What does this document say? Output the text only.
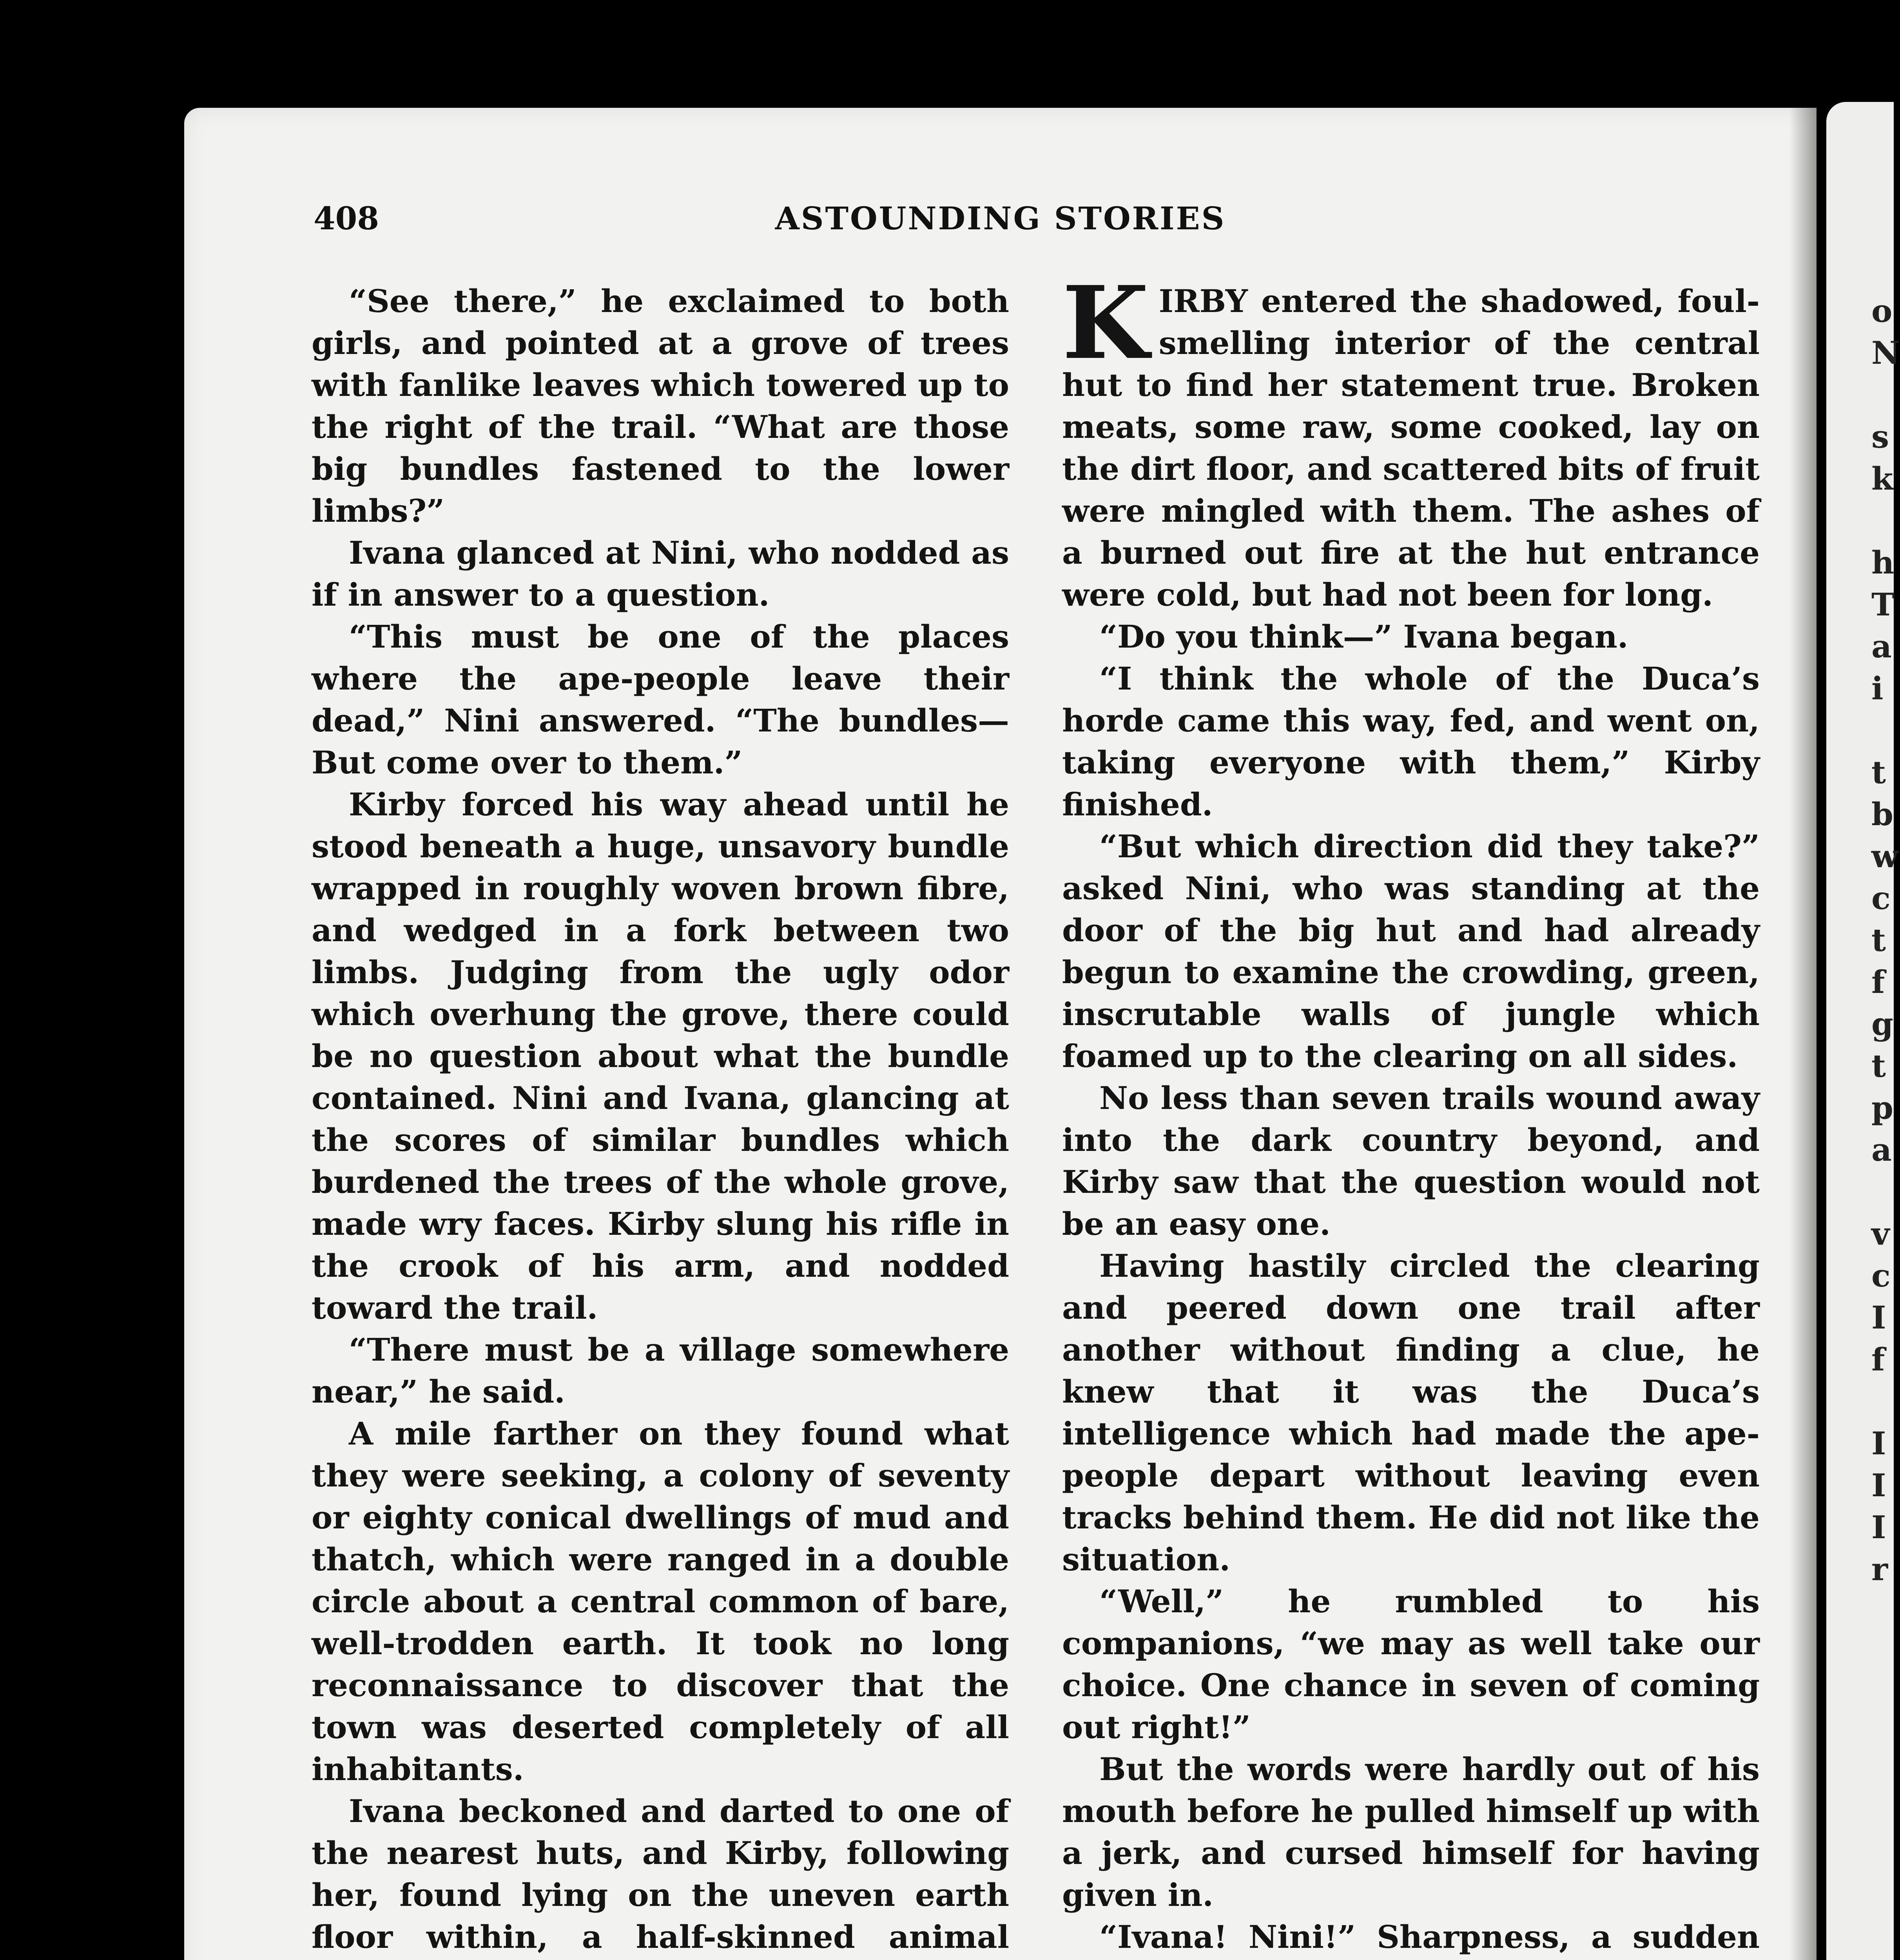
408	ASTOUNDING STORIES

“See there,” he exclaimed to both girls, and pointed at a grove of trees with fanlike leaves which towered up to the right of the trail. “What are those big bundles fastened to the lower limbs?”

Ivana glanced at Nini, who nodded as if in answer to a question.

“This must be one of the places where the ape-people leave their dead,” Nini answered. “The bundles— But come over to them.”

Kirby forced his way ahead until he stood beneath a huge, unsavory bundle wrapped in roughly woven brown fibre, and wedged in a fork between two limbs. Judging from the ugly odor which overhung the grove, there could be no question about what the bundle contained. Nini and Ivana, glancing at the scores of similar bundles which burdened the trees of the whole grove, made wry faces. Kirby slung his rifle in the crook of his arm, and nodded toward the trail.

“There must be a village somewhere near,” he said.

A mile farther on they found what they were seeking, a colony of seventy or eighty conical dwellings of mud and thatch, which were ranged in a double circle about a central common of bare, well-trodden earth. It took no long reconnaissance to discover that the town was deserted completely of all inhabitants.

Ivana beckoned and darted to one of the nearest huts, and Kirby, following her, found lying on the uneven earth floor within, a half-skinned animal

KIRBY entered the shadowed, foul-smelling interior of the central hut to find her statement true. Broken meats, some raw, some cooked, lay on the dirt floor, and scattered bits of fruit were mingled with them. The ashes of a burned out fire at the hut entrance were cold, but had not been for long.

“Do you think—” Ivana began.

“I think the whole of the Duca’s horde came this way, fed, and went on, taking everyone with them,” Kirby finished.

“But which direction did they take?” asked Nini, who was standing at the door of the big hut and had already begun to examine the crowding, green, inscrutable walls of jungle which foamed up to the clearing on all sides.

No less than seven trails wound away into the dark country beyond, and Kirby saw that the question would not be an easy one.

Having hastily circled the clearing and peered down one trail after another without finding a clue, he knew that it was the Duca’s intelligence which had made the ape-people depart without leaving even tracks behind them. He did not like the situation.

“Well,” he rumbled to his companions, “we may as well take our choice. One chance in seven of coming out right!”

But the words were hardly out of his mouth before he pulled himself up with a jerk, and cursed himself for having given in.

“Ivana! Nini!” Sharpness, a sudden

o
N

s
k

h
T
a
i

t
b
w
c
t
f
g
t
p
a

v
c
I
f

I
I
I
r
